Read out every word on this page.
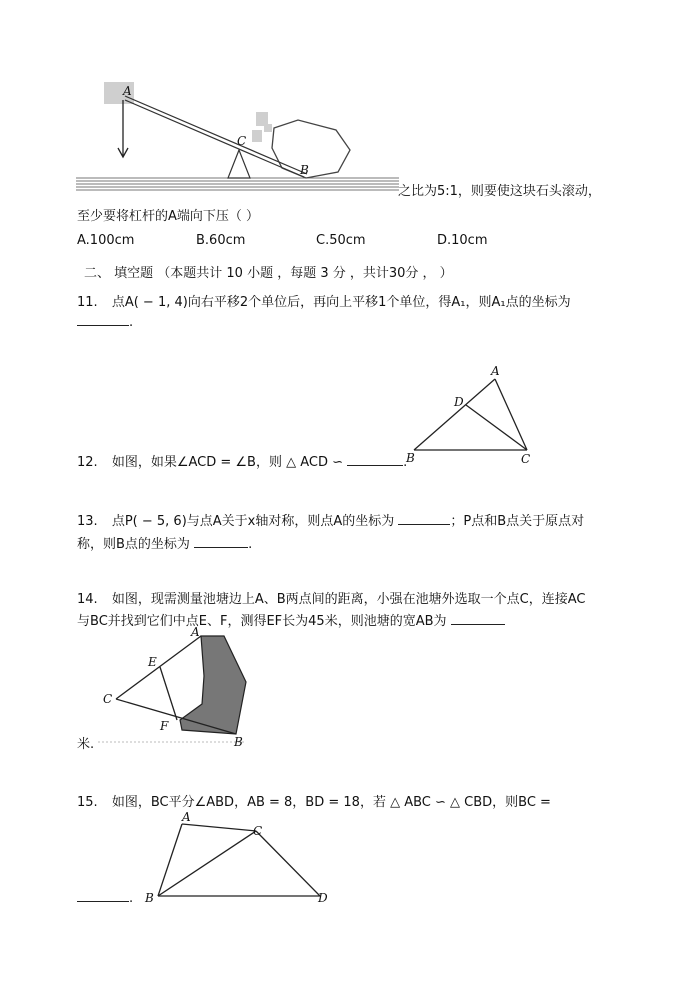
A
C
B
之比为5:1，则要使这块石头滚动，
至少要将杠杆的A端向下压（ ）
A.100cm	B.60cm	C.50cm	D.10cm
二、 填空题 （本题共计 10 小题 ，每题 3 分 ，共计30分 ， ）
11. 点A( − 1, 4)向右平移2个单位后，再向上平移1个单位，得A₁，则A₁点的坐标为
.
A
D
B	C
12. 如图，如果∠ACD = ∠B，则 △ ACD ∽	.
13. 点P( − 5, 6)与点A关于x轴对称，则点A的坐标为	；P点和B点关于原点对
称，则B点的坐标为	.
14. 如图，现需测量池塘边上A、B两点间的距离，小强在池塘外选取一个点C，连接AC
与BC并找到它们中点E、F，测得EF长为45米，则池塘的宽AB为
A
E
C
F
B
米.
15. 如图，BC平分∠ABD，AB = 8，BD = 18，若 △ ABC ∽ △ CBD，则BC =
A
C
B	D
.
